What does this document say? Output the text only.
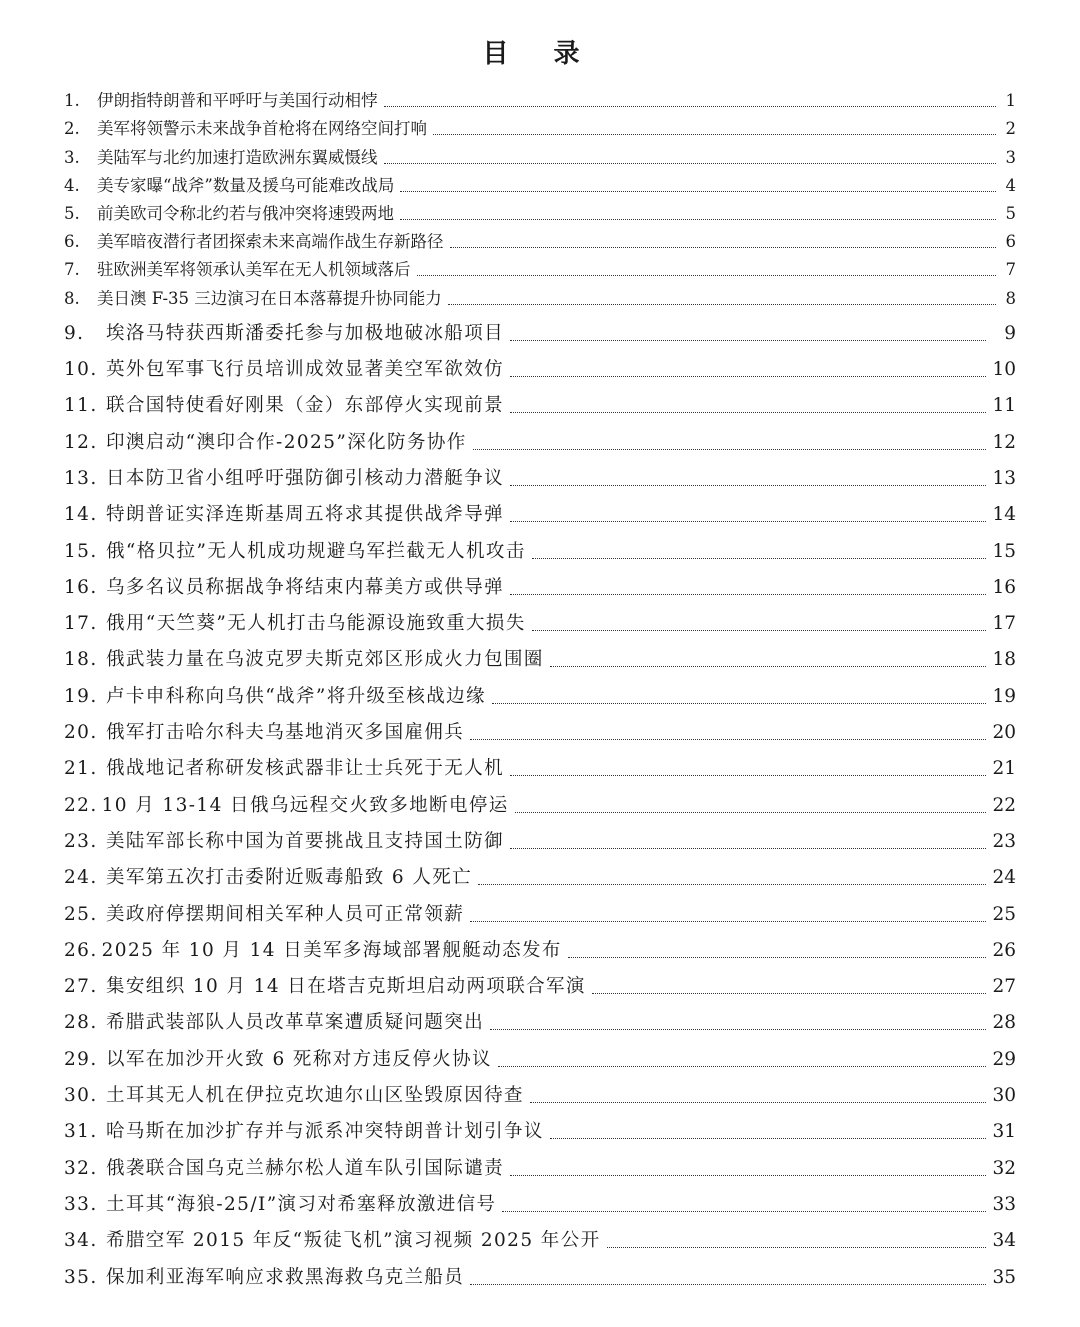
目 录
1.	伊朗指特朗普和平呼吁与美国行动相悖	1
2.	美军将领警示未来战争首枪将在网络空间打响	2
3.	美陆军与北约加速打造欧洲东翼威慑线	3
4.	美专家曝“战斧”数量及援乌可能难改战局	4
5.	前美欧司令称北约若与俄冲突将速毁两地	5
6.	美军暗夜潜行者团探索未来高端作战生存新路径	6
7.	驻欧洲美军将领承认美军在无人机领域落后	7
8.	美日澳 F-35 三边演习在日本落幕提升协同能力	8
9.	埃洛马特获西斯潘委托参与加极地破冰船项目	9
10. 英外包军事飞行员培训成效显著美空军欲效仿	10
11. 联合国特使看好刚果（金）东部停火实现前景	11
12. 印澳启动“澳印合作-2025”深化防务协作	12
13. 日本防卫省小组呼吁强防御引核动力潜艇争议	13
14. 特朗普证实泽连斯基周五将求其提供战斧导弹	14
15. 俄“格贝拉”无人机成功规避乌军拦截无人机攻击	15
16. 乌多名议员称据战争将结束内幕美方或供导弹	16
17. 俄用“天竺葵”无人机打击乌能源设施致重大损失	17
18. 俄武装力量在乌波克罗夫斯克郊区形成火力包围圈	18
19. 卢卡申科称向乌供“战斧”将升级至核战边缘	19
20. 俄军打击哈尔科夫乌基地消灭多国雇佣兵	20
21. 俄战地记者称研发核武器非让士兵死于无人机	21
22. 10 月 13-14 日俄乌远程交火致多地断电停运	22
23. 美陆军部长称中国为首要挑战且支持国土防御	23
24. 美军第五次打击委附近贩毒船致 6 人死亡	24
25. 美政府停摆期间相关军种人员可正常领薪	25
26. 2025 年 10 月 14 日美军多海域部署舰艇动态发布	26
27. 集安组织 10 月 14 日在塔吉克斯坦启动两项联合军演	27
28. 希腊武装部队人员改革草案遭质疑问题突出	28
29. 以军在加沙开火致 6 死称对方违反停火协议	29
30. 土耳其无人机在伊拉克坎迪尔山区坠毁原因待查	30
31. 哈马斯在加沙扩存并与派系冲突特朗普计划引争议	31
32. 俄袭联合国乌克兰赫尔松人道车队引国际谴责	32
33. 土耳其“海狼-25/I”演习对希塞释放激进信号	33
34. 希腊空军 2015 年反“叛徒飞机”演习视频 2025 年公开	34
35. 保加利亚海军响应求救黑海救乌克兰船员	35
